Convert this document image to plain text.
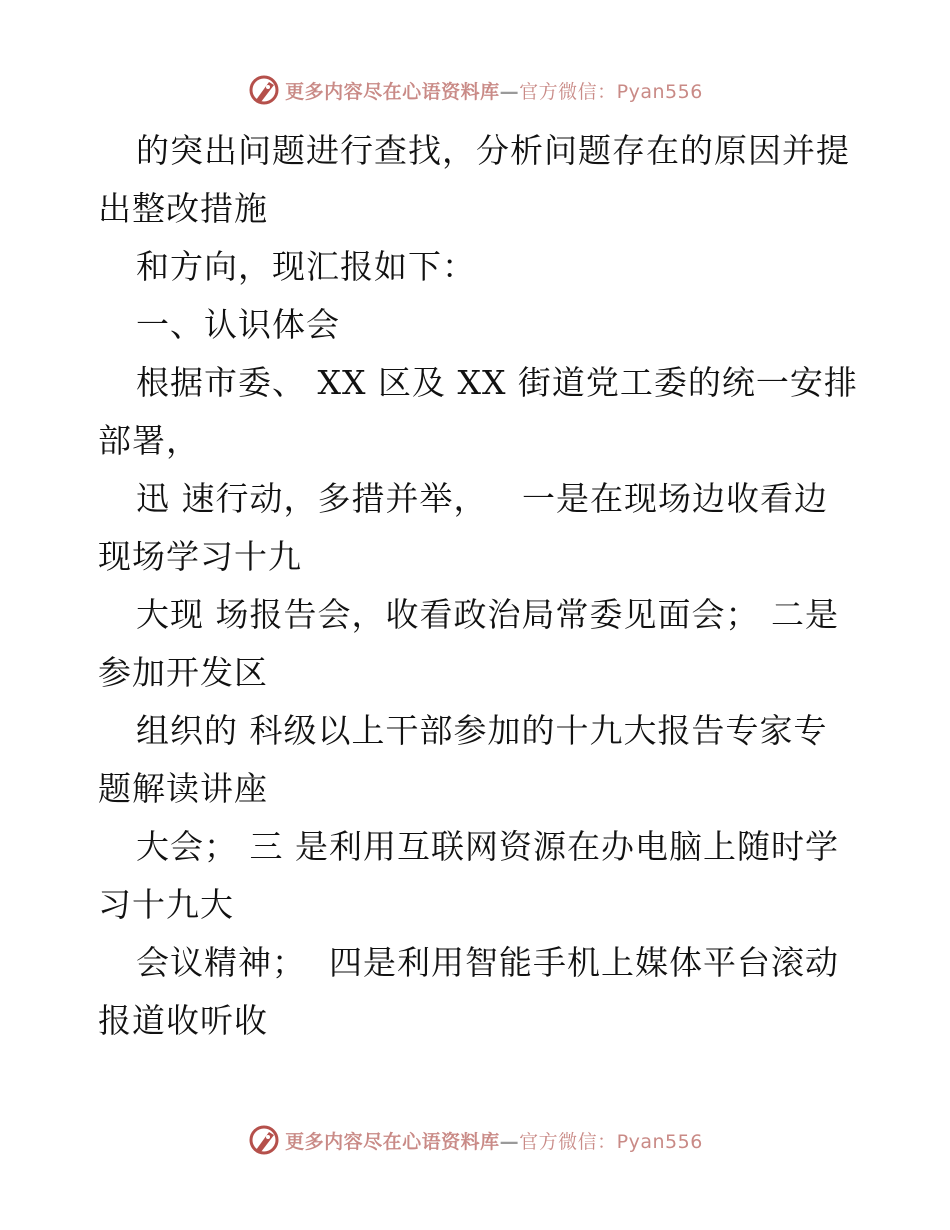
更多内容尽在心语资料库—官方微信：Pyan556
的突出问题进行查找，分析问题存在的原因并提
出整改措施
和方向，现汇报如下：
一、认识体会
根据市委、 XX 区及 XX 街道党工委的统一安排
部署，
迅 速行动，多措并举，   一是在现场边收看边
现场学习十九
大现 场报告会，收看政治局常委见面会； 二是
参加开发区
组织的 科级以上干部参加的十九大报告专家专
题解读讲座
大会； 三 是利用互联网资源在办电脑上随时学
习十九大
会议精神；  四是利用智能手机上媒体平台滚动
报道收听收
更多内容尽在心语资料库—官方微信：Pyan556
